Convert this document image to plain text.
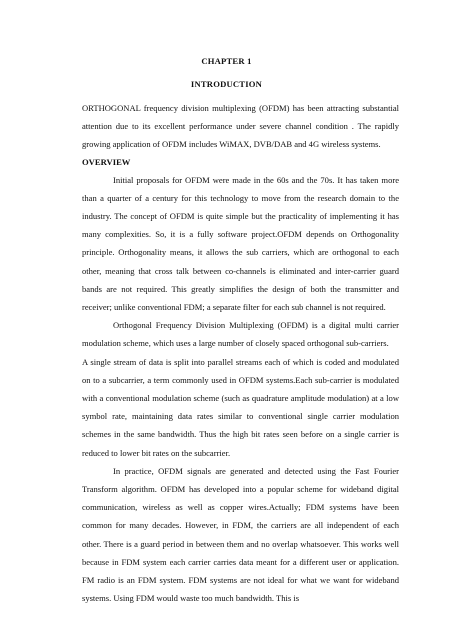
CHAPTER 1
INTRODUCTION

ORTHOGONAL frequency division multiplexing (OFDM) has been attracting substantial attention due to its excellent performance under severe channel condition . The rapidly growing application of OFDM includes WiMAX, DVB/DAB and 4G wireless systems.

OVERVIEW

Initial proposals for OFDM were made in the 60s and the 70s. It has taken more than a quarter of a century for this technology to move from the research domain to the industry. The concept of OFDM is quite simple but the practicality of implementing it has many complexities. So, it is a fully software project.OFDM depends on Orthogonality principle. Orthogonality means, it allows the sub carriers, which are orthogonal to each other, meaning that cross talk between co-channels is eliminated and inter-carrier guard bands are not required. This greatly simplifies the design of both the transmitter and receiver; unlike conventional FDM; a separate filter for each sub channel is not required.

Orthogonal Frequency Division Multiplexing (OFDM) is a digital multi carrier modulation scheme, which uses a large number of closely spaced orthogonal sub-carriers.

A single stream of data is split into parallel streams each of which is coded and modulated on to a subcarrier, a term commonly used in OFDM systems.Each sub-carrier is modulated with a conventional modulation scheme (such as quadrature amplitude modulation) at a low symbol rate, maintaining data rates similar to conventional single carrier modulation schemes in the same bandwidth. Thus the high bit rates seen before on a single carrier is reduced to lower bit rates on the subcarrier.

In practice, OFDM signals are generated and detected using the Fast Fourier Transform algorithm. OFDM has developed into a popular scheme for wideband digital communication, wireless as well as copper wires.Actually; FDM systems have been common for many decades. However, in FDM, the carriers are all independent of each other. There is a guard period in between them and no overlap whatsoever. This works well because in FDM system each carrier carries data meant for a different user or application. FM radio is an FDM system. FDM systems are not ideal for what we want for wideband systems. Using FDM would waste too much bandwidth. This is
